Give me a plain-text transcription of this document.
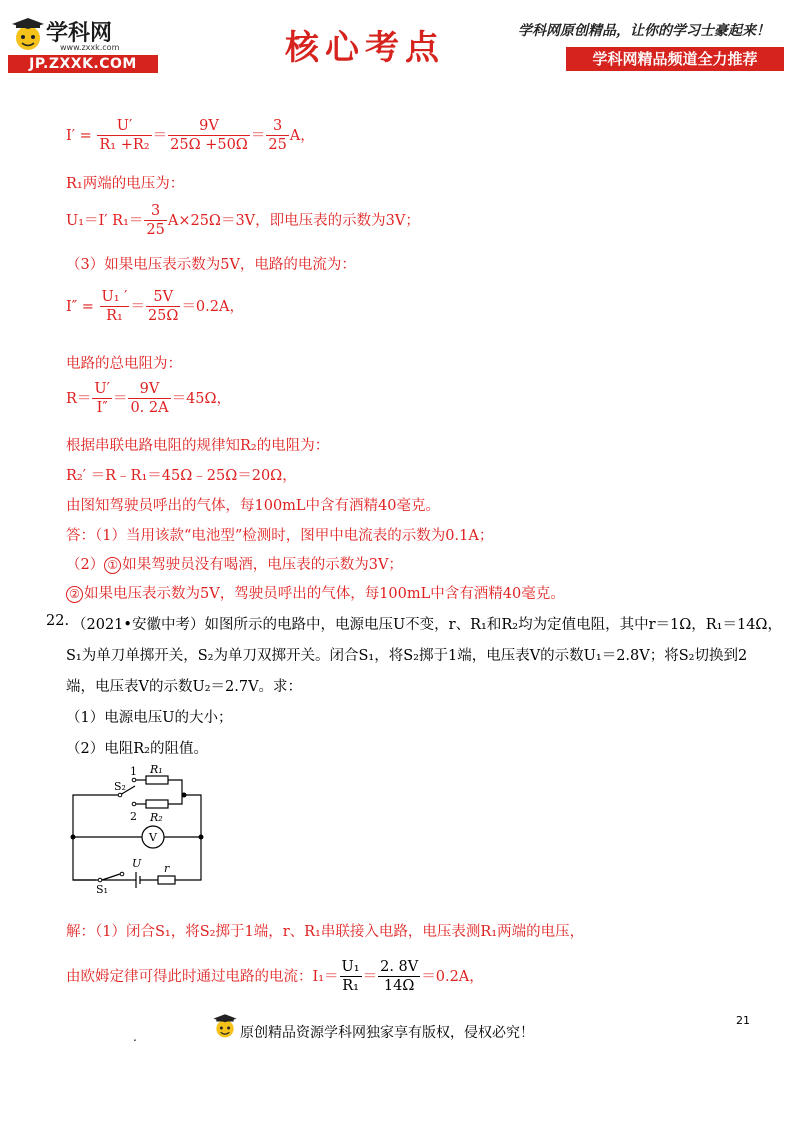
学科网
www.zxxk.com
JP.ZXXK.COM	核心考点	学科网原创精品，让你的学习士豪起来！
学科网精品频道全力推荐
$I' = \frac{U'}{\text{R₁ +R₂}} = \frac{9V}{25\Omega +50\Omega} = \frac{3}{25}$ A，
R₁两端的电压为：
U₁＝I′ $R_1= \frac{3}{25} A\times 25\Omega=3V$，即电压表的示数为3V；
（3）如果电压表示数为5V，电路的电流为：
$I'' = \frac{\text{U₁ ′}}{\text{R₁}} = \frac{5V}{25\Omega} =0.2A$，
电路的总电阻为：
$R= \frac{U'}{I''} = \frac{9V}{0. 2A} =45\Omega$，
根据串联电路电阻的规律知R₂的电阻为：
R₂′ ＝R﹣R₁＝45Ω﹣25Ω＝20Ω，
由图知驾驶员呼出的气体，每100mL中含有酒精40毫克。
答：（1）当用该款“电池型”检测时，图甲中电流表的示数为0.1A；
（2） ① 如果驾驶员没有喝酒，电压表的示数为3V；
② 如果电压表示数为5V，驾驶员呼出的气体，每100mL中含有酒精40毫克。
22. （2021•安徽中考）如图所示的电路中，电源电压U不变，r、R₁和R₂均为定值电阻，其中r＝1Ω，R₁＝14Ω，
S₁为单刀单掷开关，S₂为单刀双掷开关。闭合S₁，将S₂掷于1端，电压表V的示数U₁＝2.8V；将S₂切换到2
端，电压表V的示数U₂＝2.7V。求：
（1）电源电压U的大小；
（2）电阻R₂的阻值。
S₂
1
2
R₁
R₂
V
U
S₁
r
解：（1）闭合S₁，将S₂掷于1端，r、R₁串联接入电路，电压表测R₁两端的电压，
由欧姆定律可得此时通过电路的电流：$I_1= \frac{\text{U₁}}{\text{R₁}} = \frac{2. 8V}{14\Omega} =0.2A$，
21
原创精品资源学科网独家享有版权，侵权必究！
.
